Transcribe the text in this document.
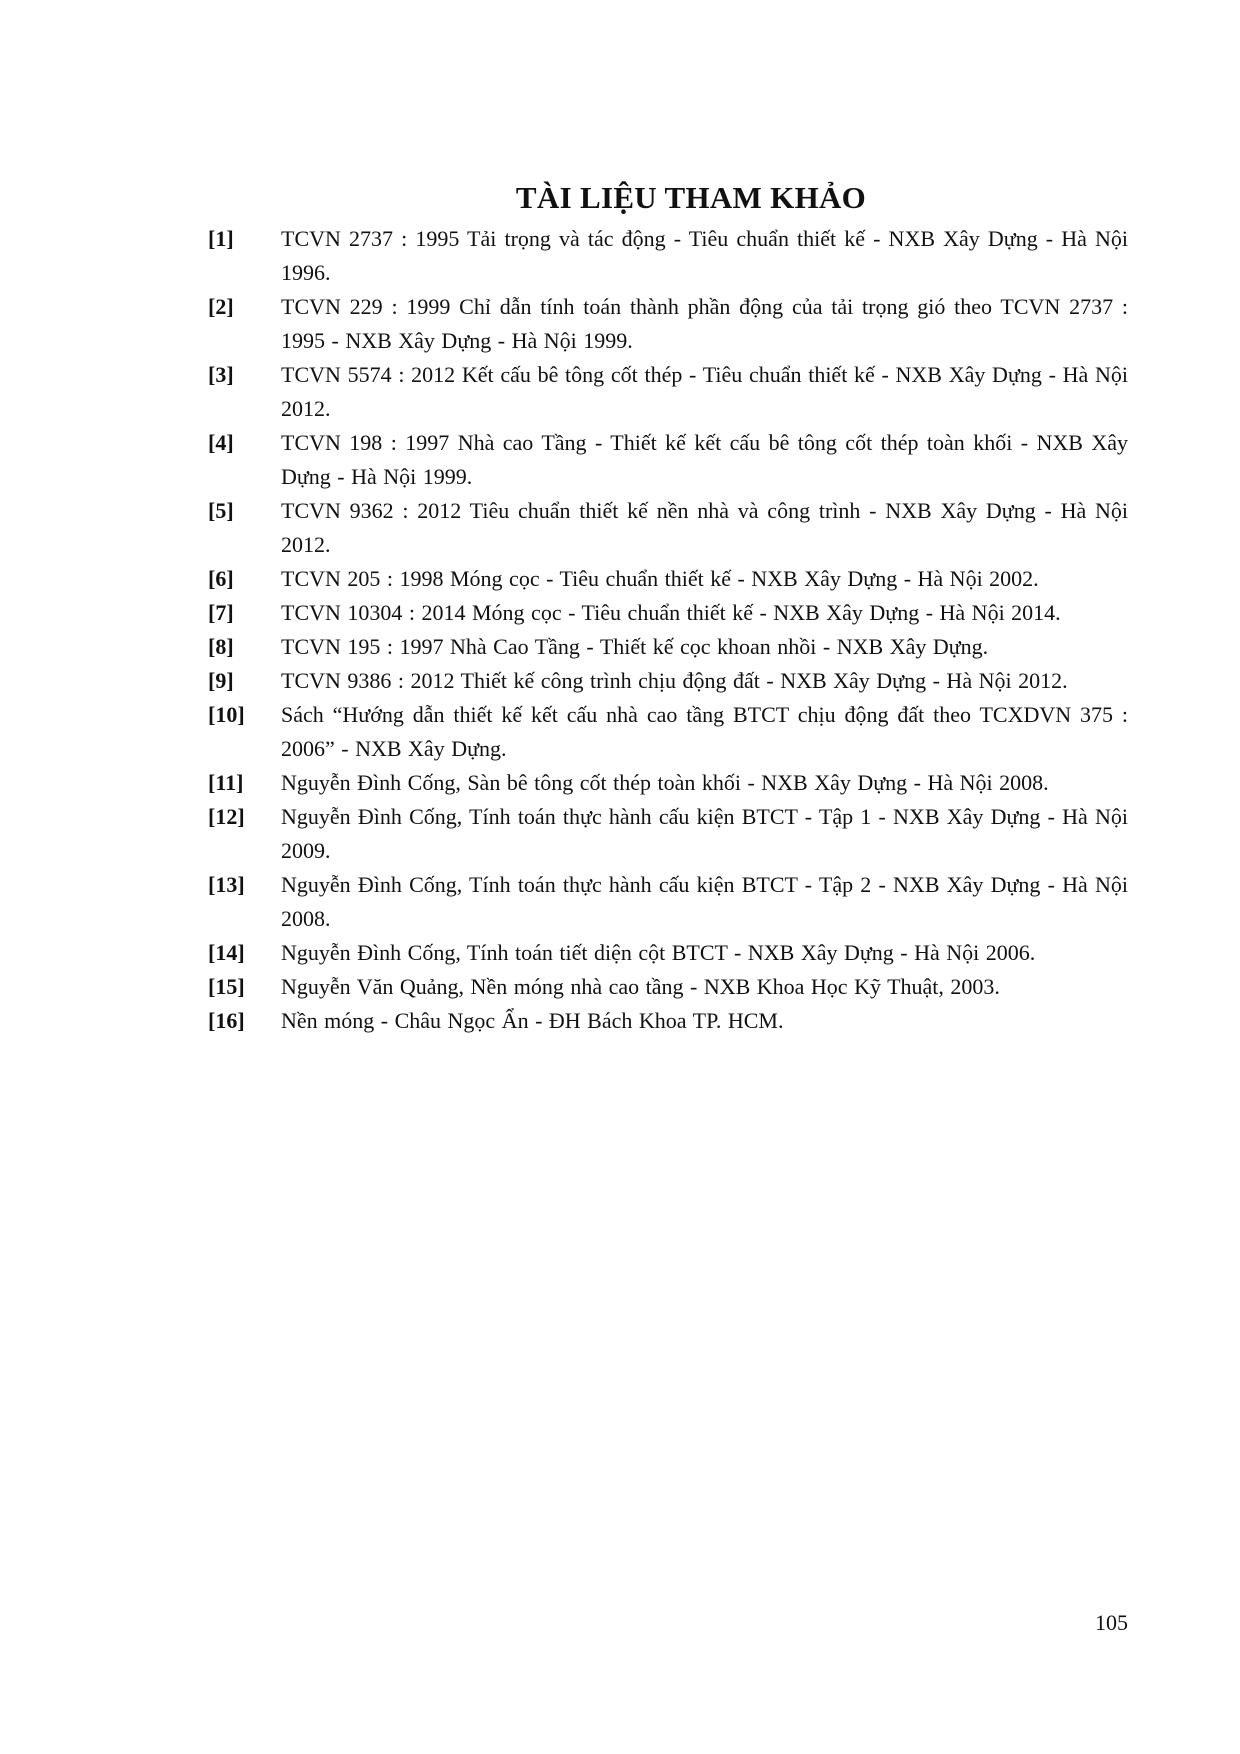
TÀI LIỆU THAM KHẢO
[1]	TCVN 2737 : 1995 Tải trọng và tác động - Tiêu chuẩn thiết kế - NXB Xây Dựng - Hà Nội 1996.
[2]	TCVN 229 : 1999 Chỉ dẫn tính toán thành phần động của tải trọng gió theo TCVN 2737 : 1995 - NXB Xây Dựng - Hà Nội 1999.
[3]	TCVN 5574 : 2012 Kết cấu bê tông cốt thép - Tiêu chuẩn thiết kế - NXB Xây Dựng - Hà Nội 2012.
[4]	TCVN 198 : 1997 Nhà cao Tầng - Thiết kế kết cấu bê tông cốt thép toàn khối - NXB Xây Dựng - Hà Nội 1999.
[5]	TCVN 9362 : 2012 Tiêu chuẩn thiết kế nền nhà và công trình - NXB Xây Dựng - Hà Nội 2012.
[6]	TCVN 205 : 1998 Móng cọc - Tiêu chuẩn thiết kế - NXB Xây Dựng - Hà Nội 2002.
[7]	TCVN 10304 : 2014 Móng cọc - Tiêu chuẩn thiết kế - NXB Xây Dựng - Hà Nội 2014.
[8]	TCVN 195 : 1997 Nhà Cao Tầng - Thiết kế cọc khoan nhồi - NXB Xây Dựng.
[9]	TCVN 9386 : 2012 Thiết kế công trình chịu động đất - NXB Xây Dựng - Hà Nội 2012.
[10]	Sách “Hướng dẫn thiết kế kết cấu nhà cao tầng BTCT chịu động đất theo TCXDVN 375 : 2006” - NXB Xây Dựng.
[11]	Nguyễn Đình Cống, Sàn bê tông cốt thép toàn khối - NXB Xây Dựng - Hà Nội 2008.
[12]	Nguyễn Đình Cống, Tính toán thực hành cấu kiện BTCT - Tập 1 - NXB Xây Dựng - Hà Nội 2009.
[13]	Nguyễn Đình Cống, Tính toán thực hành cấu kiện BTCT - Tập 2 - NXB Xây Dựng - Hà Nội 2008.
[14]	Nguyễn Đình Cống, Tính toán tiết diện cột BTCT - NXB Xây Dựng - Hà Nội 2006.
[15]	Nguyễn Văn Quảng, Nền móng nhà cao tầng - NXB Khoa Học Kỹ Thuật, 2003.
[16]	Nền móng - Châu Ngọc Ẩn - ĐH Bách Khoa TP. HCM.
105
